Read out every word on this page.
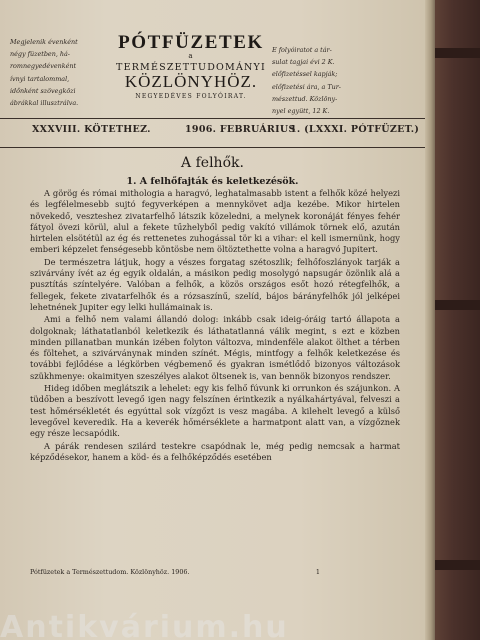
Megjelenik évenként
négy füzetben, há-
romnegyedévenként
ívnyi tartalommal,
időnként szövegközi
ábrákkal illusztrálva.
PÓTFÜZETEK
a
TERMÉSZETTUDOMÁNYI
KÖZLÖNYHÖZ.
NEGYEDÉVES FOLYÓIRAT.
E folyóiratot a tár-
sulat tagjai évi 2 K.
előfizetéssel kapják;
előfizetési ára, a Tur-
mészettud. Közlöny-
nyel együtt, 12 K.
XXXVIII. KÖTETHEZ.	1906. FEBRUÁRIUS
1. (LXXXI. PÓTFÜZET.)
A felhők.
1. A felhőfajták és keletkezésök.

A görög és római mithologia a haragvó, leghatalmasabb istent a felhők közé helyezi és legfélelmesebb sujtó fegyverképen a mennykövet adja kezébe. Mikor hirtelen növekedő, veszteshez zivatarfelhő látszik közeledni, a melynek koronáját fényes fehér fátyol övezi körül, alul a fekete tűzhelyből pedig vakító villámok törnek elő, azután hirtelen elsötétül az ég és rettenetes zuhogással tör ki a vihar: el kell ismernünk, hogy emberi képzelet fenségesebb köntösbe nem öltöztethette volna a haragvó Jupitert.

De természetra látjuk, hogy a vészes forgatag szétoszlik; felhőfoszlányok tarják a szivárvány ívét az ég egyik oldalán, a másikon pedig mosolygó napsugár özönlik alá a pusztítás színtelyére. Valóban a felhők, a közös országos esőt hozó rétegfelhők, a fellegek, fekete zivatarfelhők és a rózsaszínű, szelíd, bájos bárányfelhők jól jelképei lehetnének Jupiter egy lelki hullámainak is.

Ami a felhő nem valami állandó dolog: inkább csak ideig-óráig tartó állapota a dolgoknak; láthatatlanból keletkezik és láthatatlanná válik megint, s ezt e közben minden pillanatban munkán izében folyton változva, mindenféle alakot ölthet a térben és föltehet, a szivárványnak minden színét. Mégis, mintfogy a felhők keletkezése és további fejlődése a légkörben végbemenő és gyakran ismétlődő bizonyos változások szükhmenye: okaimityen szeszélyes alakot öltsenek is, van bennök bizonyos rendszer.

Hideg időben meglátszik a lehelet: egy kis felhő fúvunk ki orrunkon és szájunkon. A tüdőben a beszívott levegő igen nagy felszínen érintkezik a nyálkahártyával, felveszi a test hőmérsékletét és egyúttal sok vízgőzt is vesz magába. A kilehelt levegő a külső levegővel keveredik. Ha a keverék hőmérséklete a harmatpont alatt van, a vízgőznek egy része lecsapódik.

A párák rendesen szilárd testekre csapódnak le, még pedig nemcsak a harmat képződésekor, hanem a köd- és a felhőképződés esetében

Pótfüzetek a Természettudom. Közlönyhöz. 1906.	1
Antikvárium.hu
